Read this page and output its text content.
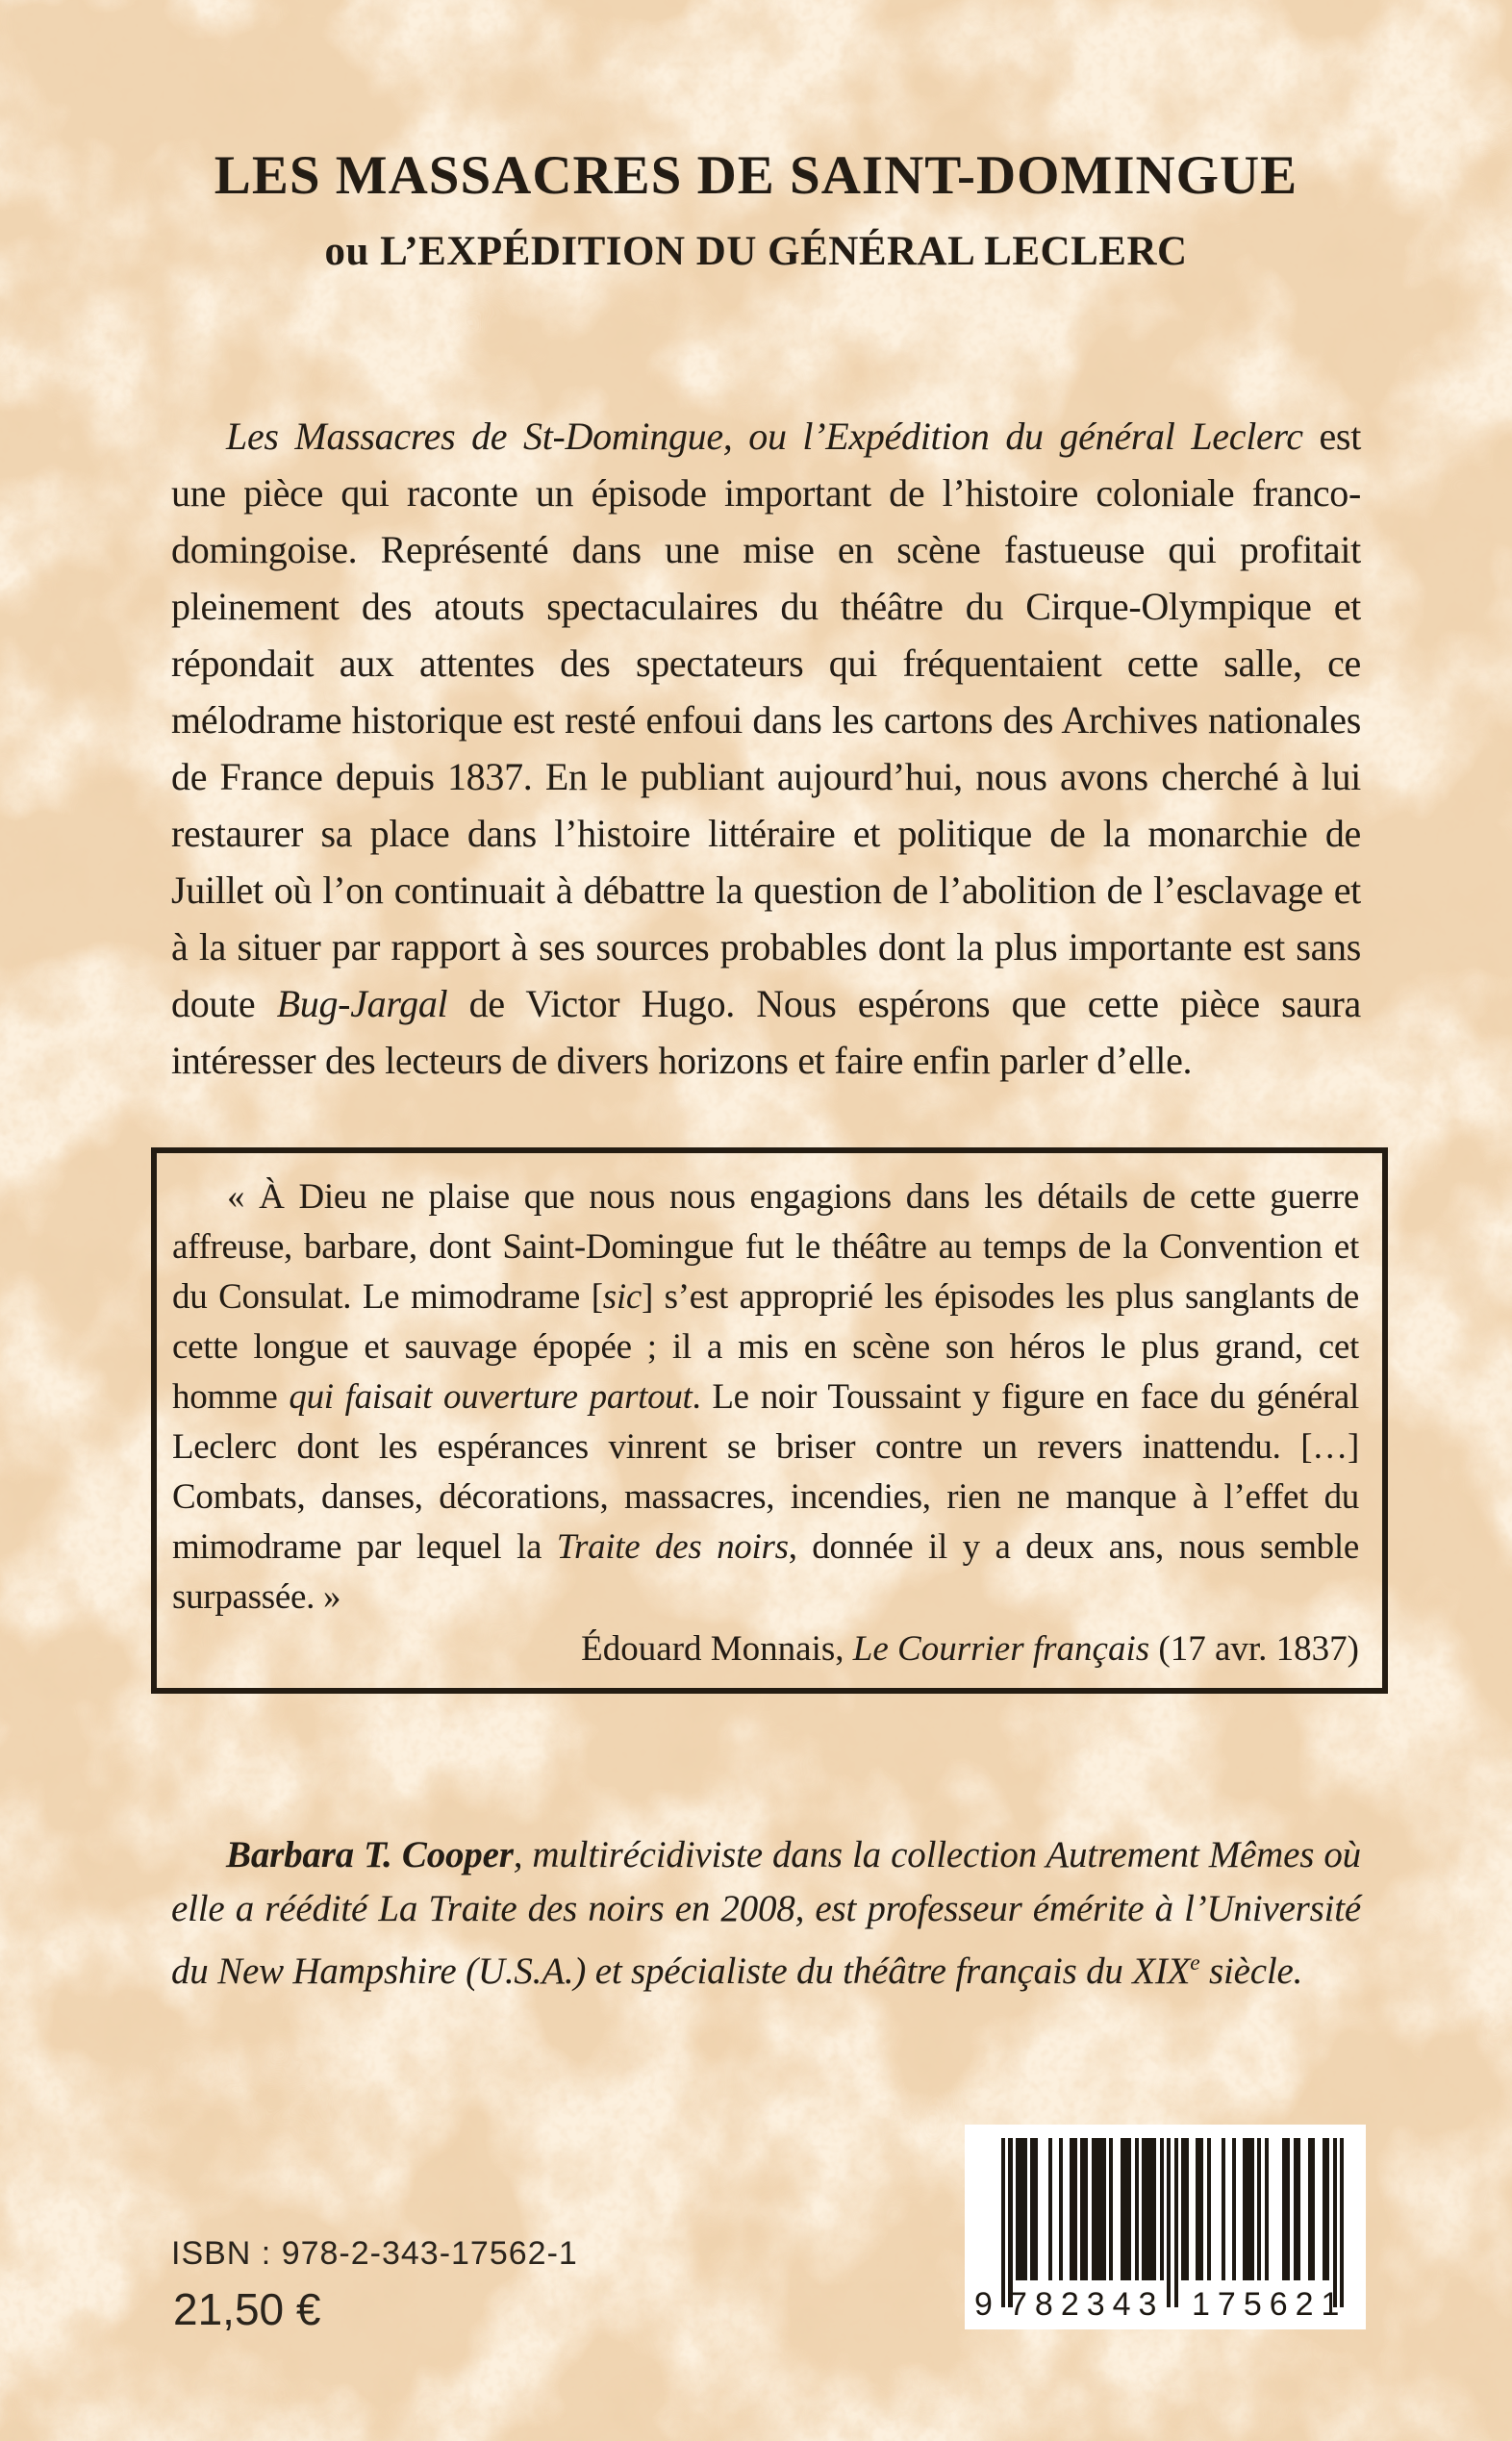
LES MASSACRES DE SAINT-DOMINGUE
ou L’EXPÉDITION DU GÉNÉRAL LECLERC

Les Massacres de St-Domingue, ou l’Expédition du général Leclerc est une pièce qui raconte un épisode important de l’histoire coloniale franco-domingoise. Représenté dans une mise en scène fastueuse qui profitait pleinement des atouts spectaculaires du théâtre du Cirque-Olympique et répondait aux attentes des spectateurs qui fréquentaient cette salle, ce mélodrame historique est resté enfoui dans les cartons des Archives nationales de France depuis 1837. En le publiant aujourd’hui, nous avons cherché à lui restaurer sa place dans l’histoire littéraire et politique de la monarchie de Juillet où l’on continuait à débattre la question de l’abolition de l’esclavage et à la situer par rapport à ses sources probables dont la plus importante est sans doute Bug-Jargal de Victor Hugo. Nous espérons que cette pièce saura intéresser des lecteurs de divers horizons et faire enfin parler d’elle.

« À Dieu ne plaise que nous nous engagions dans les détails de cette guerre affreuse, barbare, dont Saint-Domingue fut le théâtre au temps de la Convention et du Consulat. Le mimodrame [sic] s’est approprié les épisodes les plus sanglants de cette longue et sauvage épopée ; il a mis en scène son héros le plus grand, cet homme qui faisait ouverture partout. Le noir Toussaint y figure en face du général Leclerc dont les espérances vinrent se briser contre un revers inattendu. […] Combats, danses, décorations, massacres, incendies, rien ne manque à l’effet du mimodrame par lequel la Traite des noirs, donnée il y a deux ans, nous semble surpassée. »

Édouard Monnais, Le Courrier français (17 avr. 1837)

Barbara T. Cooper, multirécidiviste dans la collection Autrement Mêmes où elle a réédité La Traite des noirs en 2008, est professeur émérite à l’Université du New Hampshire (U.S.A.) et spécialiste du théâtre français du XIXe siècle.

ISBN : 978-2-343-17562-1
21,50 €	9 782343 175621
